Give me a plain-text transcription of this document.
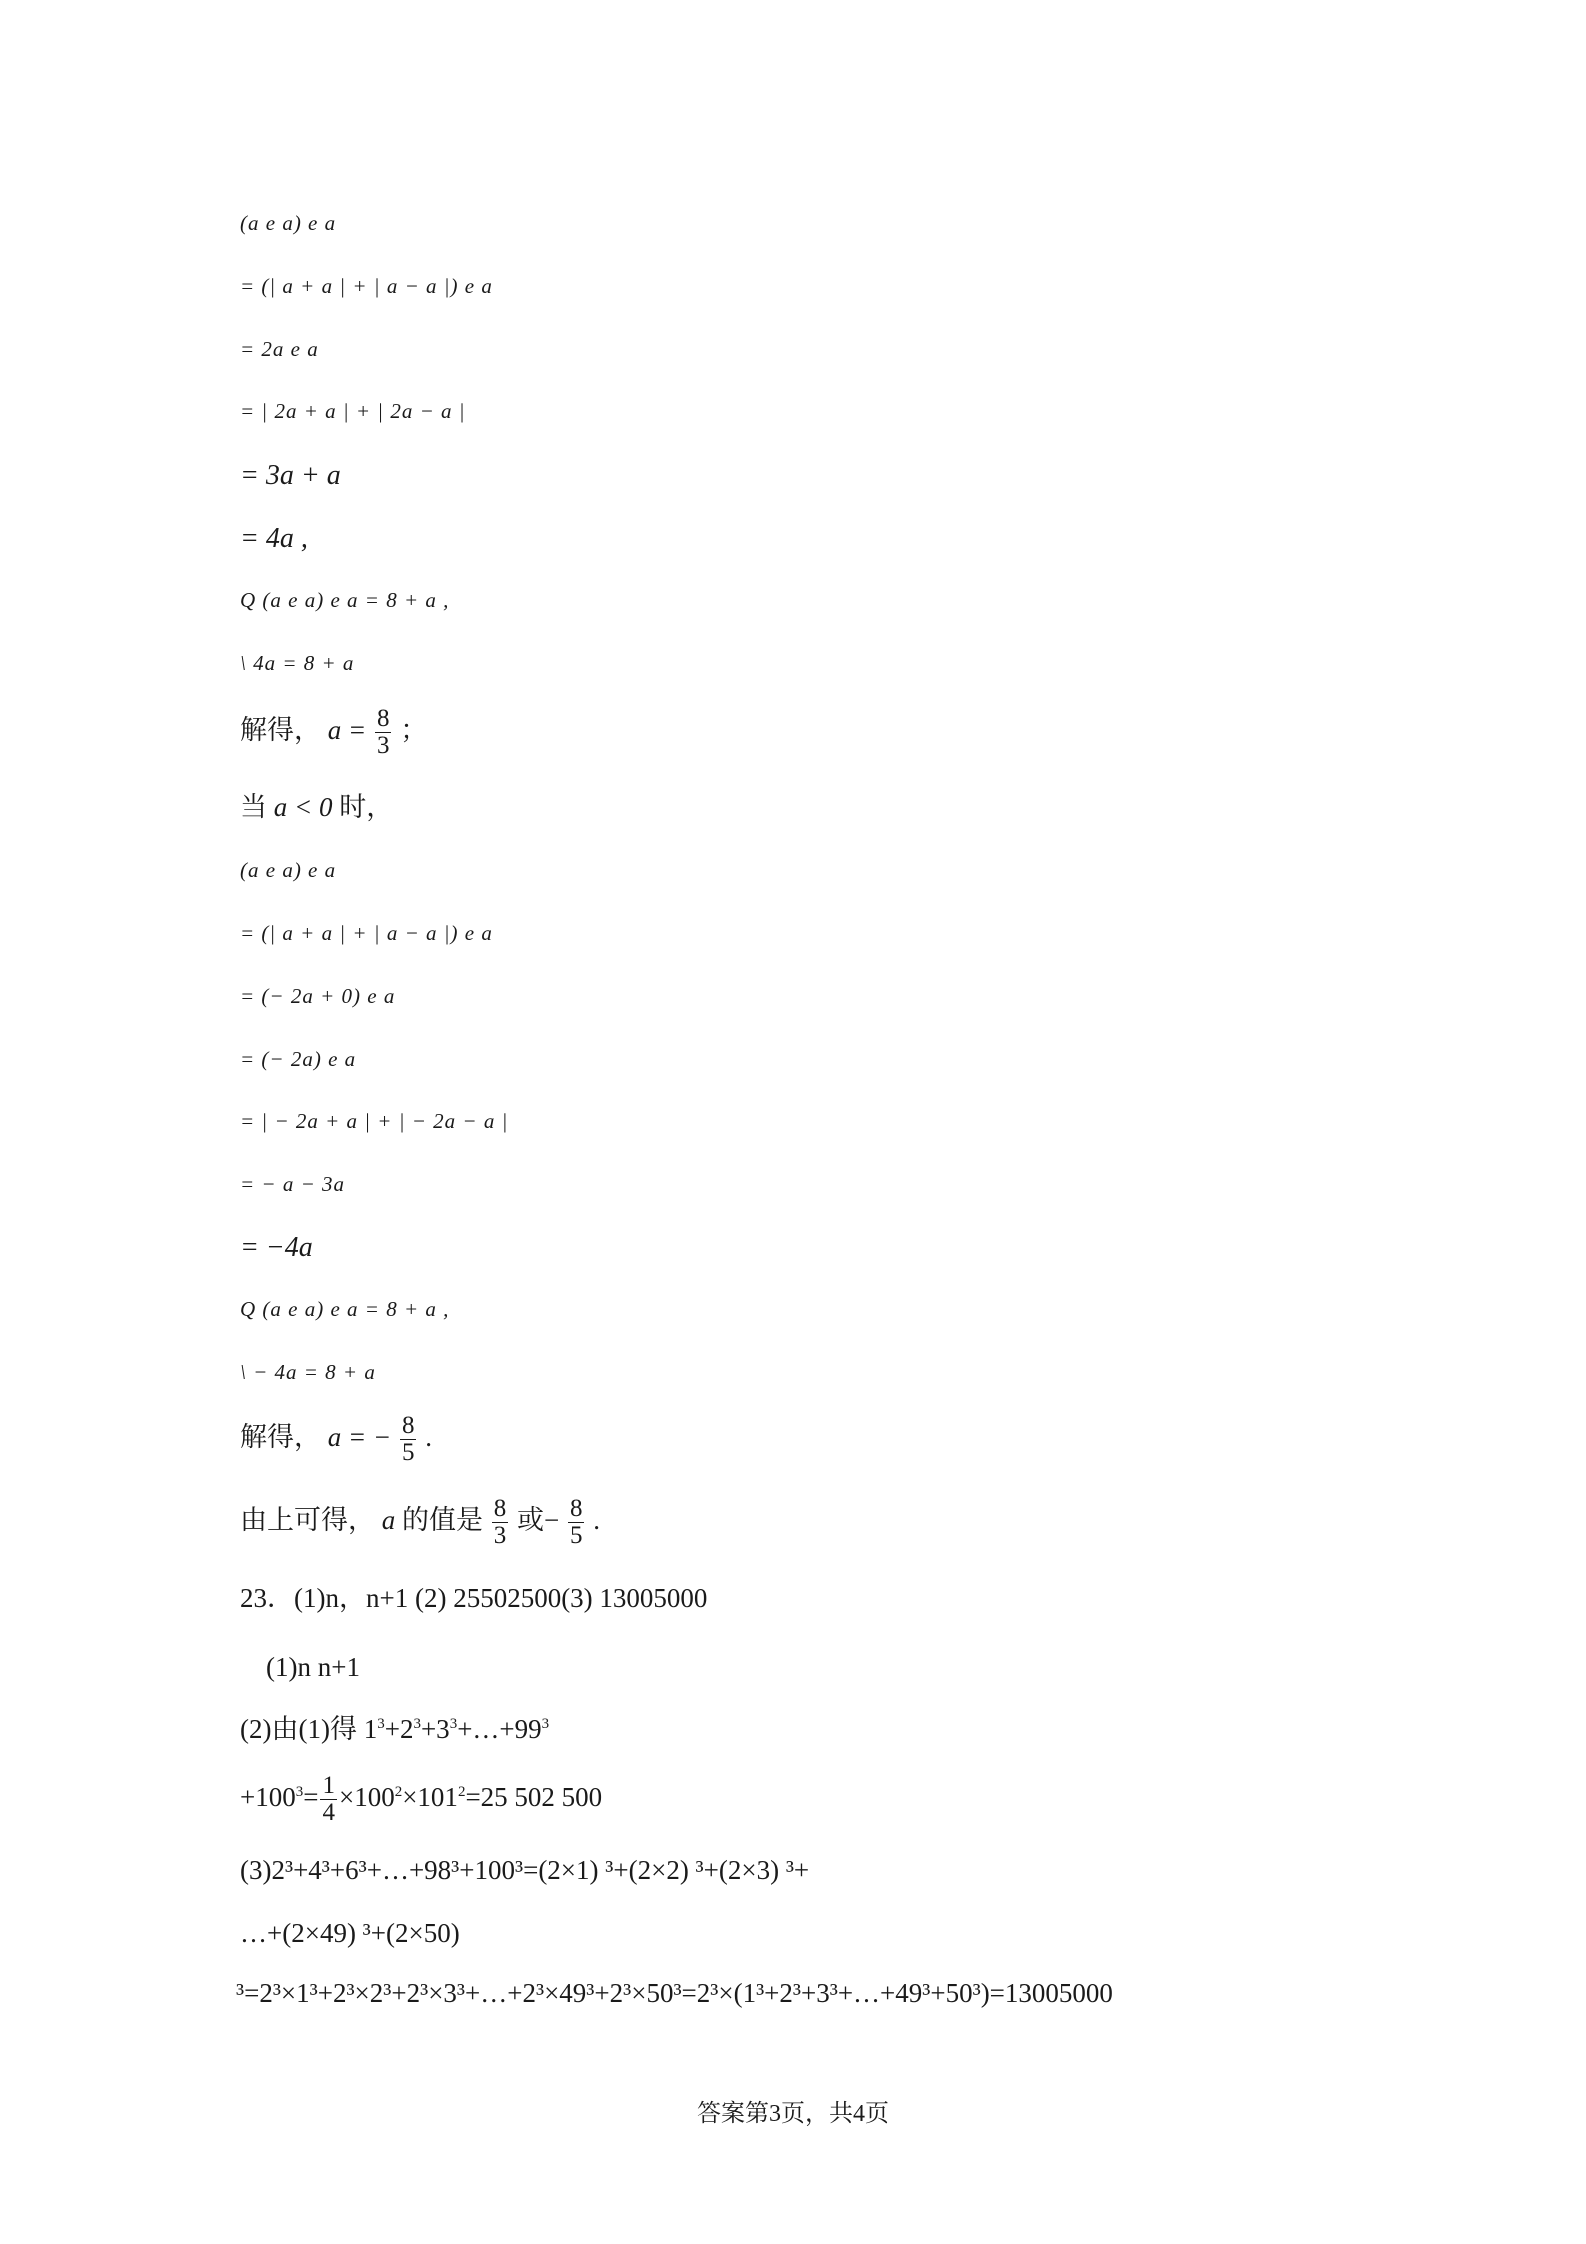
(a e a) e a
= (| a + a | + | a − a |) e a
= 2a e a
= | 2a + a | + | 2a − a |
= 3a + a
= 4a ,
Q (a e a) e a = 8 + a ,
\ 4a = 8 + a
解得， $a = \frac{8}{3}$ ；
当 a < 0 时，
(a e a) e a
= (| a + a | + | a − a |) e a
= (− 2a + 0) e a
= (− 2a) e a
= | − 2a + a | + | − 2a − a |
= − a − 3a
= −4a
Q (a e a) e a = 8 + a ,
\ − 4a = 8 + a
解得， a = − $\frac{8}{5}$ .
由上可得， a 的值是 $\frac{8}{3}$ 或− $\frac{8}{5}$ .
23．(1)n，n+1 (2) 25502500(3) 13005000
(1)n n+1
(2)由(1)得 $1^3+2^3+3^3+\dots+99^3$
$+100^3= \frac{1}{4} \times 100^2\times 101^2=25$ 502 500
(3)2³+4³+6³+…+98³+100³=(2×1) ³+(2×2) ³+(2×3) ³+
…+(2×49) ³+(2×50)
³=2³×1³+2³×2³+2³×3³+…+2³×49³+2³×50³=2³×(1³+2³+3³+…+49³+50³)=13005000
答案第3页，共4页
